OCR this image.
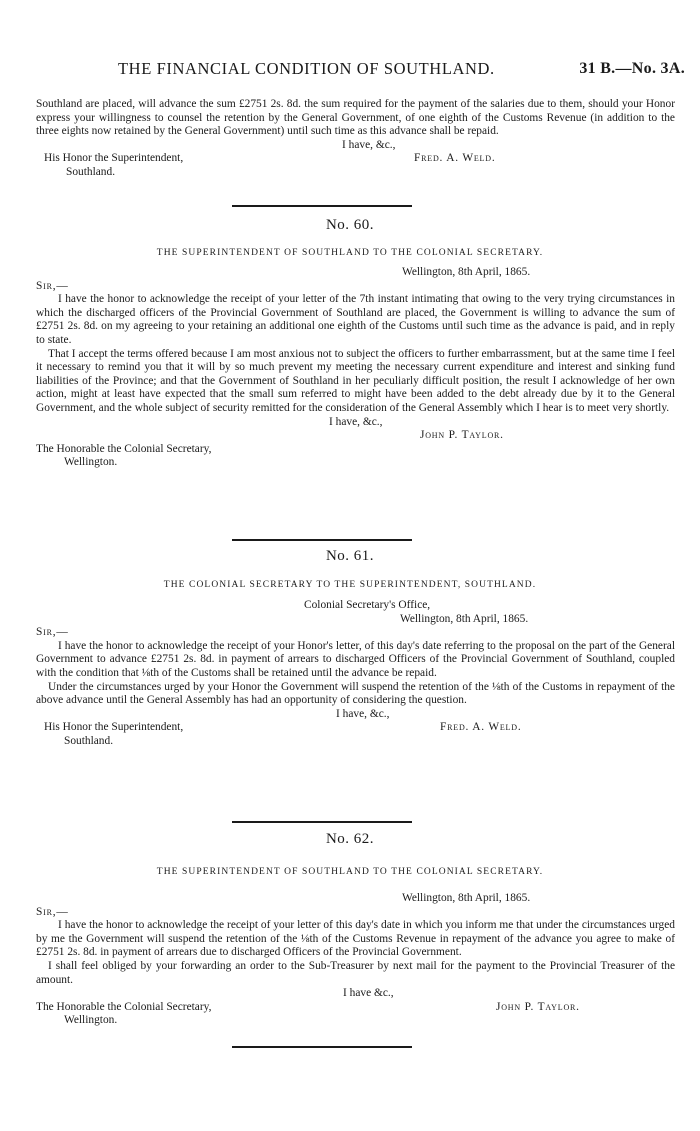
THE FINANCIAL CONDITION OF SOUTHLAND.	31 B.—No. 3A.

Southland are placed, will advance the sum £2751 2s. 8d. the sum required for the payment of the salaries due to them, should your Honor express your willingness to counsel the retention by the General Government, of one eighth of the Customs Revenue (in addition to the three eights now retained by the General Government) until such time as this advance shall be repaid.

I have, &c.,
His Honor the Superintendent,	Fred. A. Weld.
Southland.
No. 60.
THE SUPERINTENDENT OF SOUTHLAND TO THE COLONIAL SECRETARY.
Wellington, 8th April, 1865.
Sir,—

I have the honor to acknowledge the receipt of your letter of the 7th instant intimating that owing to the very trying circumstances in which the discharged officers of the Provincial Government of Southland are placed, the Government is willing to advance the sum of £2751 2s. 8d. on my agreeing to your retaining an additional one eighth of the Customs until such time as the advance is paid, and in reply to state.

That I accept the terms offered because I am most anxious not to subject the officers to further embarrassment, but at the same time I feel it necessary to remind you that it will by so much prevent my meeting the necessary current expenditure and interest and sinking fund liabilities of the Province; and that the Government of Southland in her peculiarly difficult position, the result I acknowledge of her own action, might at least have expected that the small sum referred to might have been added to the debt already due by it to the General Government, and the whole subject of security remitted for the consideration of the General Assembly which I hear is to meet very shortly.

I have, &c.,
John P. Taylor.
The Honorable the Colonial Secretary,
Wellington.
No. 61.
THE COLONIAL SECRETARY TO THE SUPERINTENDENT, SOUTHLAND.
Colonial Secretary's Office,
Wellington, 8th April, 1865.
Sir,—

I have the honor to acknowledge the receipt of your Honor's letter, of this day's date referring to the proposal on the part of the General Government to advance £2751 2s. 8d. in payment of arrears to discharged Officers of the Provincial Government of Southland, coupled with the condition that ⅛th of the Customs shall be retained until the advance be repaid.

Under the circumstances urged by your Honor the Government will suspend the retention of the ⅛th of the Customs in repayment of the above advance until the General Assembly has had an opportunity of considering the question.

I have, &c.,
His Honor the Superintendent,	Fred. A. Weld.
Southland.
No. 62.
THE SUPERINTENDENT OF SOUTHLAND TO THE COLONIAL SECRETARY.
Wellington, 8th April, 1865.
Sir,—

I have the honor to acknowledge the receipt of your letter of this day's date in which you inform me that under the circumstances urged by me the Government will suspend the retention of the ⅛th of the Customs Revenue in repayment of the advance you agree to make of £2751 2s. 8d. in payment of arrears due to discharged Officers of the Provincial Government.

I shall feel obliged by your forwarding an order to the Sub-Treasurer by next mail for the payment to the Provincial Treasurer of the amount.

I have &c.,
The Honorable the Colonial Secretary,	John P. Taylor.
Wellington.
